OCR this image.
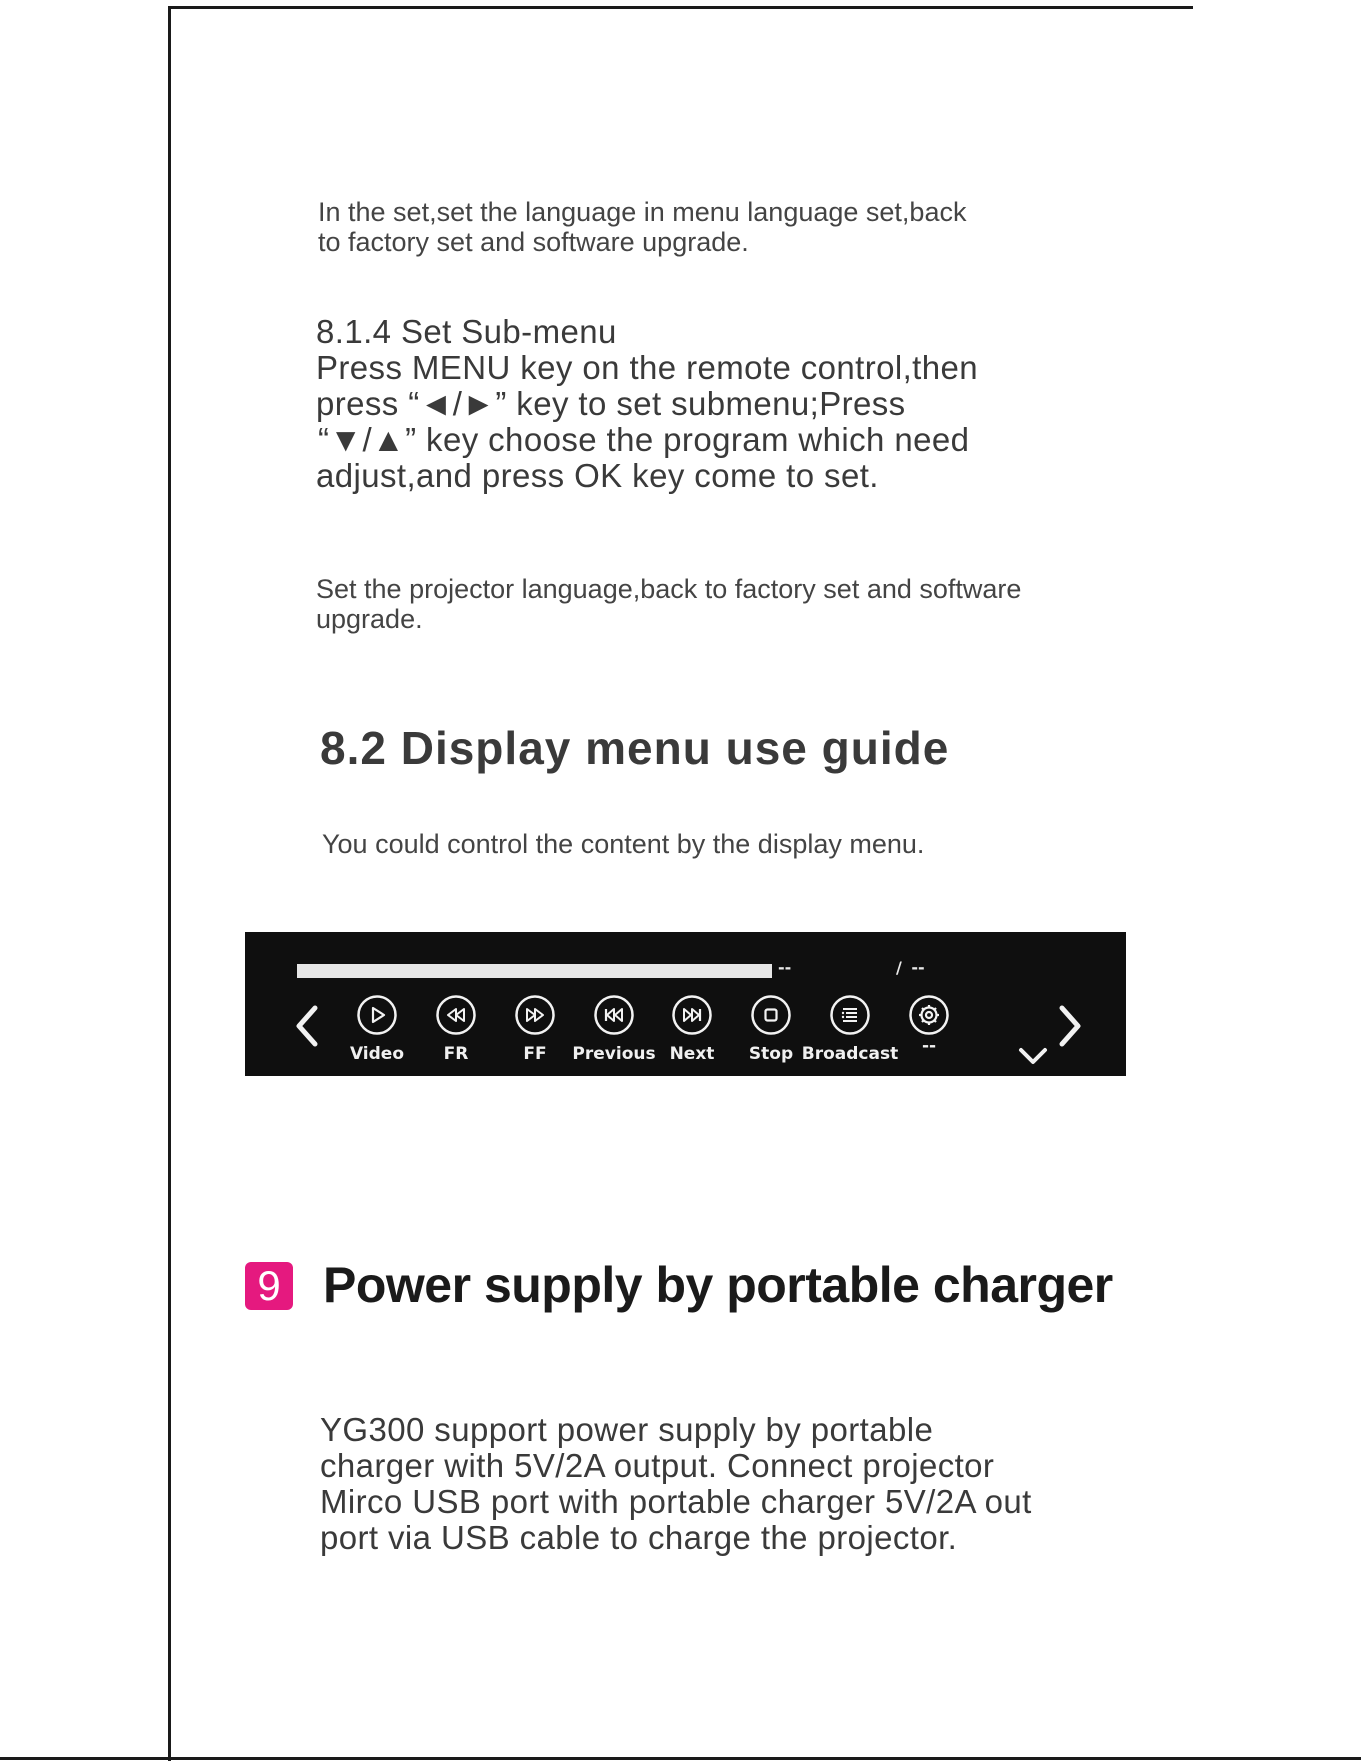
In the set,set the language in menu language set,back

to factory set and software upgrade.

8.1.4 Set Sub-menu

Press MENU key on the remote control,then

press “◄/►” key to set submenu;Press

“▼/▲” key choose the program which need

adjust,and press OK key come to set.

Set the projector language,back to factory set and software

upgrade.

8.2 Display menu use guide

You could control the content by the display menu.

--	/ --
Video	FR	FF	Previous Next	Stop Broadcast	--
9 Power supply by portable charger

YG300 support power supply by portable

charger with 5V/2A output. Connect projector

Mirco USB port with portable charger 5V/2A out

port via USB cable to charge the projector.
